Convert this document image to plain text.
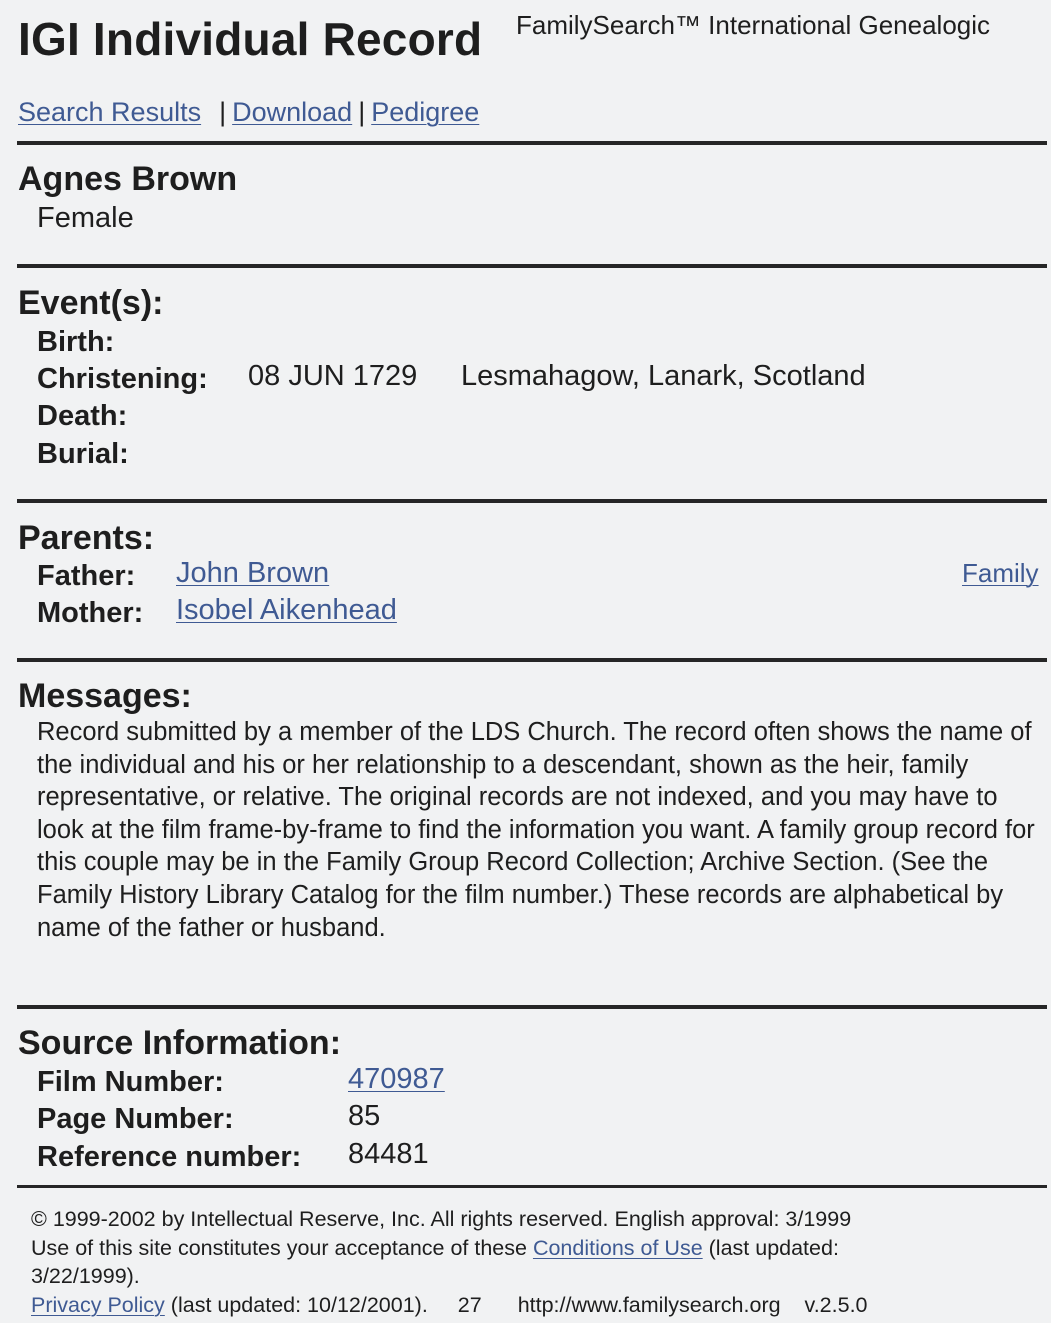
IGI Individual Record FamilySearch™ International Genealogic
Search Results | Download | Pedigree
Agnes Brown
Female
Event(s):
Birth:
Christening: 08 JUN 1729 Lesmahagow, Lanark, Scotland
Death:
Burial:
Parents:
Father: John Brown	Family
Mother: Isobel Aikenhead
Messages:
Record submitted by a member of the LDS Church. The record often shows the name of the individual and his or her relationship to a descendant, shown as the heir, family representative, or relative. The original records are not indexed, and you may have to look at the film frame-by-frame to find the information you want. A family group record for this couple may be in the Family Group Record Collection; Archive Section. (See the Family History Library Catalog for the film number.) These records are alphabetical by name of the father or husband.
Source Information:
Film Number:	470987
Page Number:	85
Reference number: 84481
© 1999-2002 by Intellectual Reserve, Inc. All rights reserved. English approval: 3/1999
Use of this site constitutes your acceptance of these Conditions of Use (last updated:
3/22/1999).
Privacy Policy (last updated: 10/12/2001). 27 http://www.familysearch.org v.2.5.0
